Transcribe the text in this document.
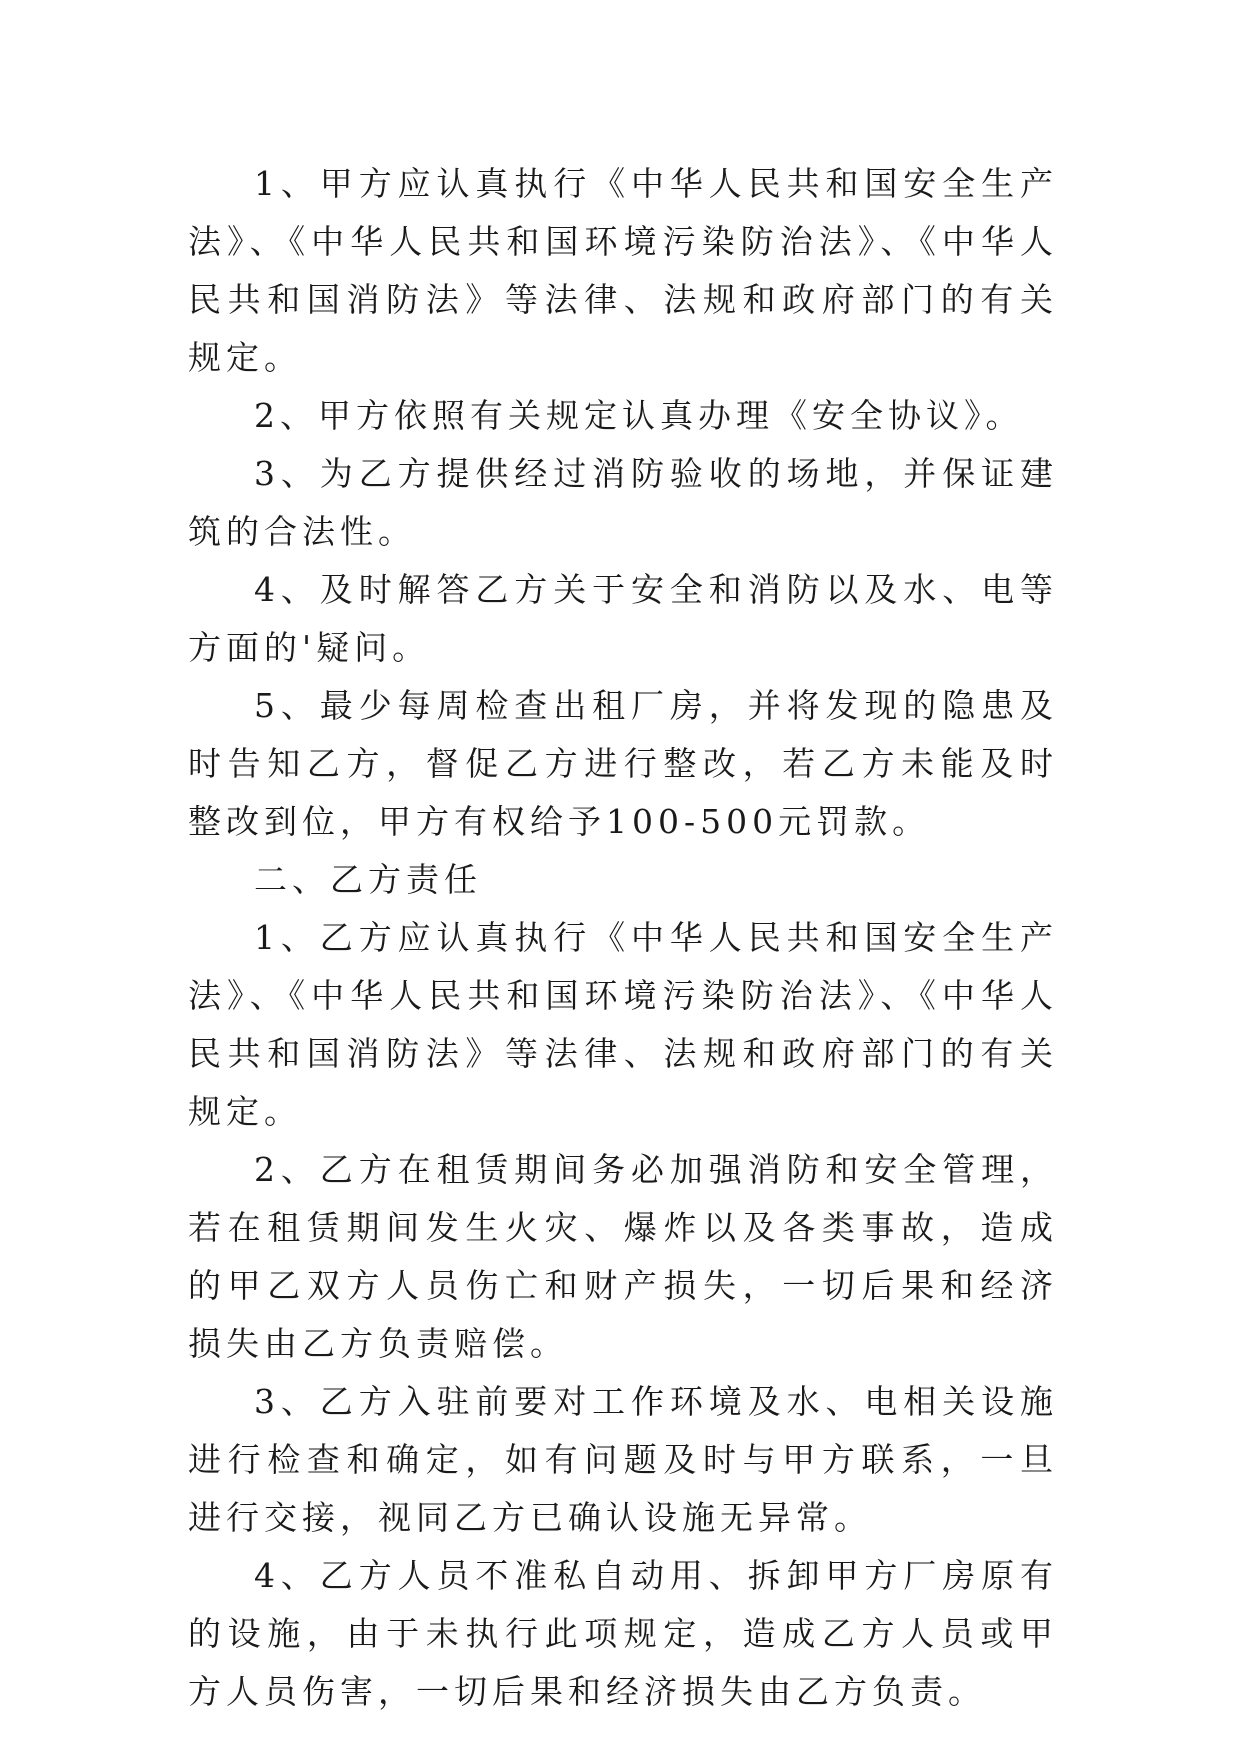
1、甲方应认真执行《中华人民共和国安全生产法》、《中华人民共和国环境污染防治法》、《中华人民共和国消防法》等法律、法规和政府部门的有关规定。

2、甲方依照有关规定认真办理《安全协议》。

3、为乙方提供经过消防验收的场地，并保证建筑的合法性。

4、及时解答乙方关于安全和消防以及水、电等方面的'疑问。

5、最少每周检查出租厂房，并将发现的隐患及时告知乙方，督促乙方进行整改，若乙方未能及时整改到位，甲方有权给予100-500元罚款。

二、乙方责任

1、乙方应认真执行《中华人民共和国安全生产法》、《中华人民共和国环境污染防治法》、《中华人民共和国消防法》等法律、法规和政府部门的有关规定。

2、乙方在租赁期间务必加强消防和安全管理，若在租赁期间发生火灾、爆炸以及各类事故，造成的甲乙双方人员伤亡和财产损失，一切后果和经济损失由乙方负责赔偿。

3、乙方入驻前要对工作环境及水、电相关设施进行检查和确定，如有问题及时与甲方联系，一旦进行交接，视同乙方已确认设施无异常。

4、乙方人员不准私自动用、拆卸甲方厂房原有的设施，由于未执行此项规定，造成乙方人员或甲方人员伤害，一切后果和经济损失由乙方负责。
